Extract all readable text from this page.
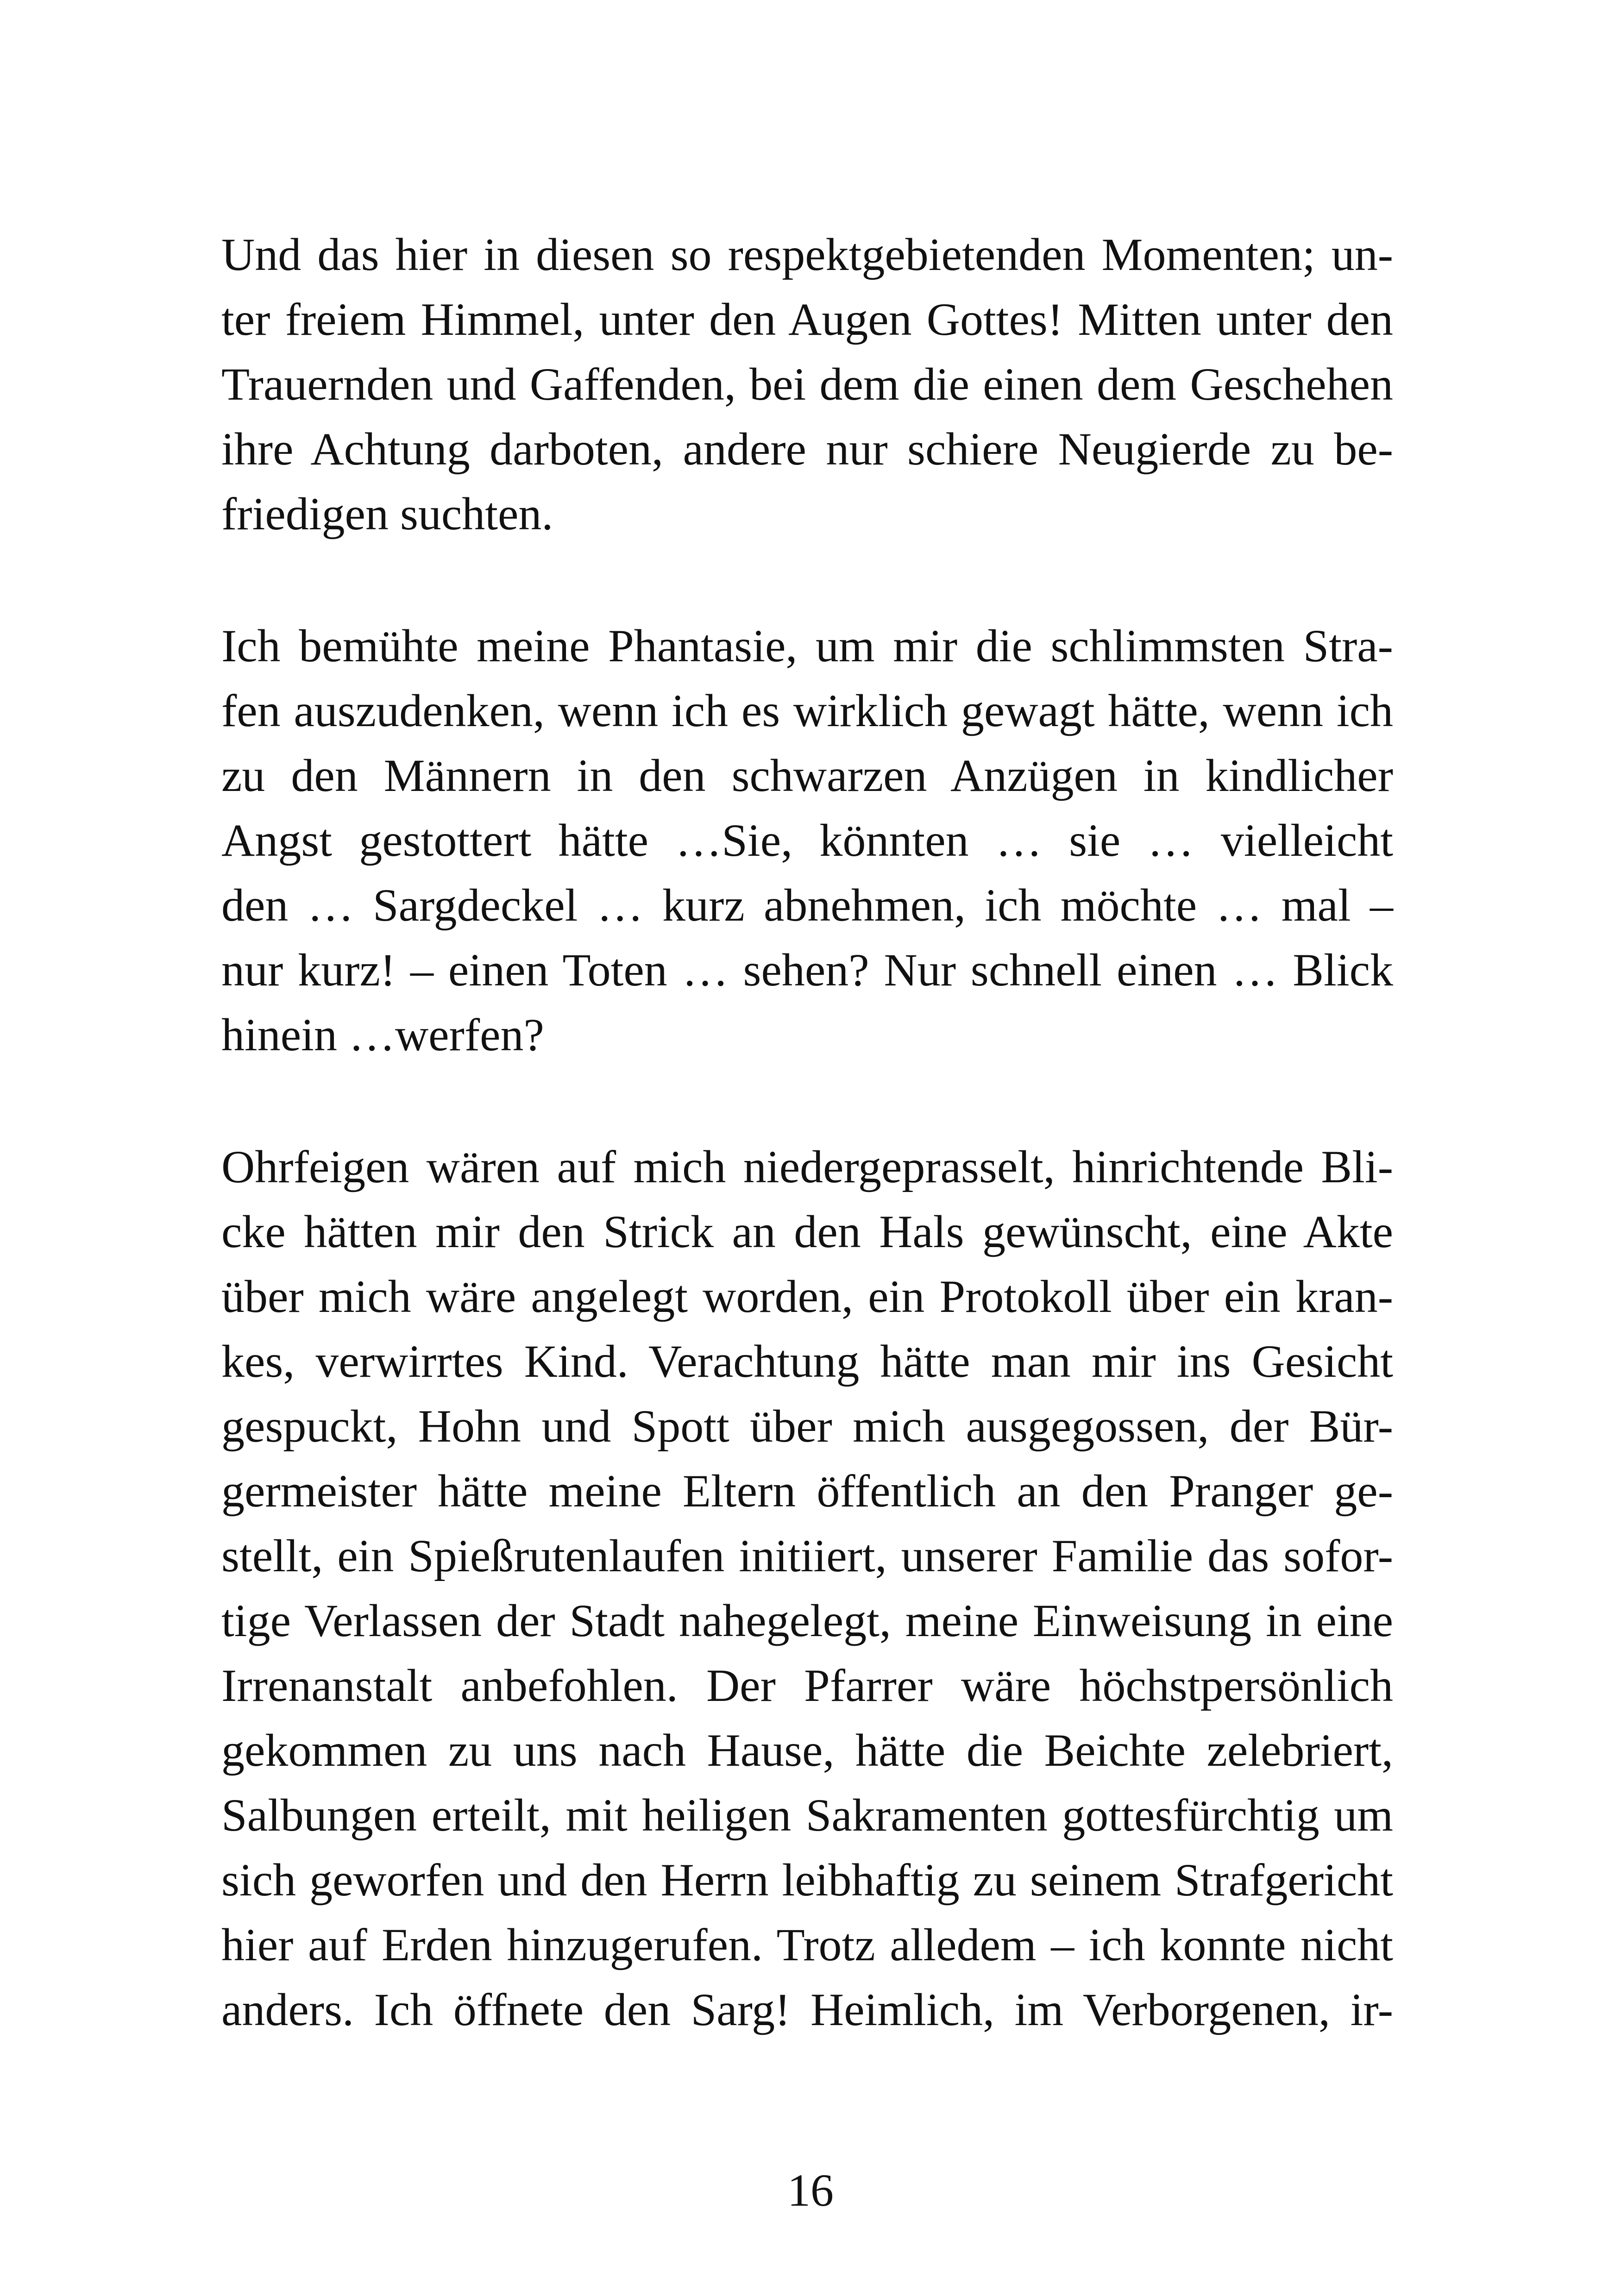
Und das hier in diesen so respektgebietenden Momenten; un-
ter freiem Himmel, unter den Augen Gottes! Mitten unter den
Trauernden und Gaffenden, bei dem die einen dem Geschehen
ihre Achtung darboten, andere nur schiere Neugierde zu be-
friedigen suchten.
Ich bemühte meine Phantasie, um mir die schlimmsten Stra-
fen auszudenken, wenn ich es wirklich gewagt hätte, wenn ich
zu den Männern in den schwarzen Anzügen in kindlicher
Angst gestottert hätte …Sie, könnten … sie … vielleicht
den … Sargdeckel … kurz abnehmen, ich möchte … mal –
nur kurz! – einen Toten … sehen? Nur schnell einen … Blick
hinein …werfen?
Ohrfeigen wären auf mich niedergeprasselt, hinrichtende Bli-
cke hätten mir den Strick an den Hals gewünscht, eine Akte
über mich wäre angelegt worden, ein Protokoll über ein kran-
kes, verwirrtes Kind. Verachtung hätte man mir ins Gesicht
gespuckt, Hohn und Spott über mich ausgegossen, der Bür-
germeister hätte meine Eltern öffentlich an den Pranger ge-
stellt, ein Spießrutenlaufen initiiert, unserer Familie das sofor-
tige Verlassen der Stadt nahegelegt, meine Einweisung in eine
Irrenanstalt anbefohlen. Der Pfarrer wäre höchstpersönlich
gekommen zu uns nach Hause, hätte die Beichte zelebriert,
Salbungen erteilt, mit heiligen Sakramenten gottesfürchtig um
sich geworfen und den Herrn leibhaftig zu seinem Strafgericht
hier auf Erden hinzugerufen. Trotz alledem – ich konnte nicht
anders. Ich öffnete den Sarg! Heimlich, im Verborgenen, ir-
16
